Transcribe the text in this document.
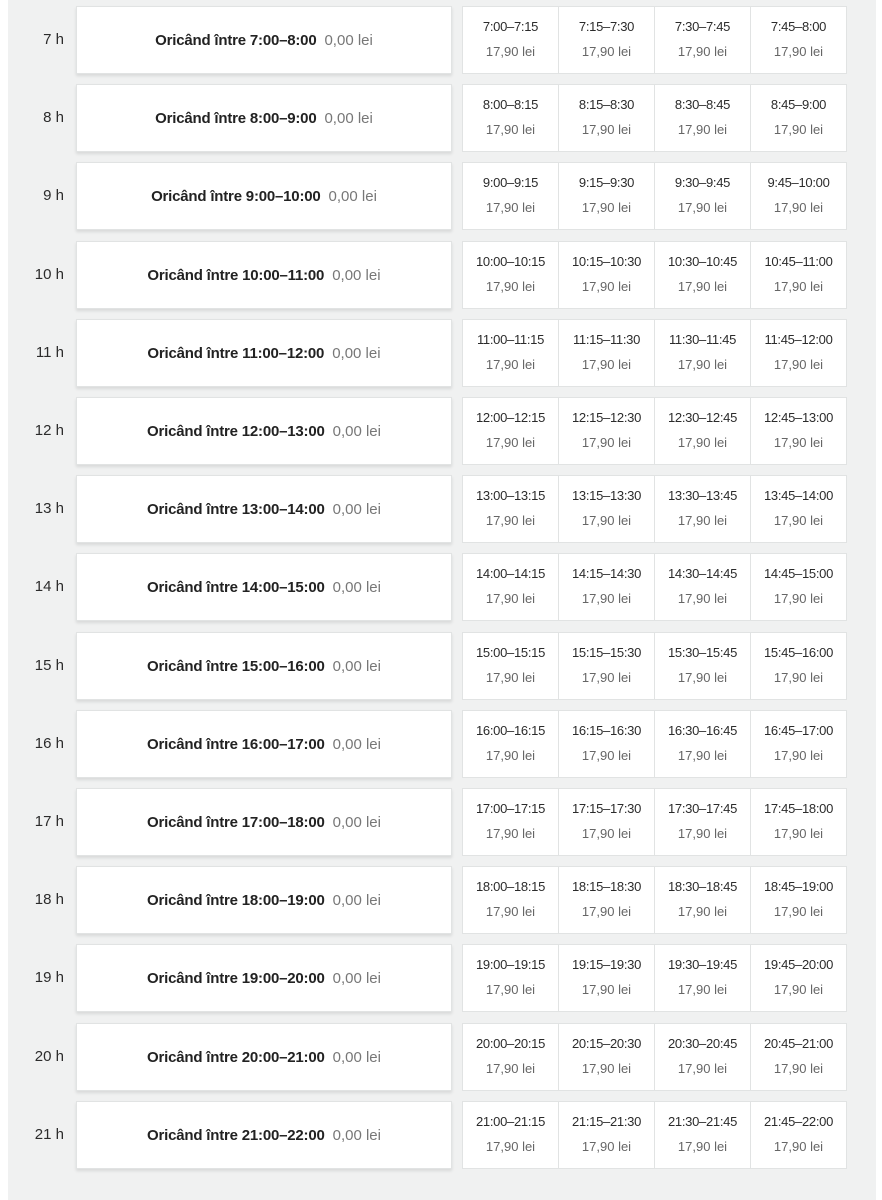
7 h	Oricând între 7:00–8:00 0,00 lei
7:00–7:15
17,90 lei
7:15–7:30
17,90 lei
7:30–7:45
17,90 lei
7:45–8:00
17,90 lei
8 h	Oricând între 8:00–9:00 0,00 lei
8:00–8:15
17,90 lei
8:15–8:30
17,90 lei
8:30–8:45
17,90 lei
8:45–9:00
17,90 lei
9 h	Oricând între 9:00–10:00 0,00 lei
9:00–9:15
17,90 lei
9:15–9:30
17,90 lei
9:30–9:45
17,90 lei
9:45–10:00
17,90 lei
10 h	Oricând între 10:00–11:00 0,00 lei
10:00–10:15
17,90 lei
10:15–10:30
17,90 lei
10:30–10:45
17,90 lei
10:45–11:00
17,90 lei
11 h	Oricând între 11:00–12:00 0,00 lei
11:00–11:15
17,90 lei
11:15–11:30
17,90 lei
11:30–11:45
17,90 lei
11:45–12:00
17,90 lei
12 h	Oricând între 12:00–13:00 0,00 lei
12:00–12:15
17,90 lei
12:15–12:30
17,90 lei
12:30–12:45
17,90 lei
12:45–13:00
17,90 lei
13 h	Oricând între 13:00–14:00 0,00 lei
13:00–13:15
17,90 lei
13:15–13:30
17,90 lei
13:30–13:45
17,90 lei
13:45–14:00
17,90 lei
14 h	Oricând între 14:00–15:00 0,00 lei
14:00–14:15
17,90 lei
14:15–14:30
17,90 lei
14:30–14:45
17,90 lei
14:45–15:00
17,90 lei
15 h	Oricând între 15:00–16:00 0,00 lei
15:00–15:15
17,90 lei
15:15–15:30
17,90 lei
15:30–15:45
17,90 lei
15:45–16:00
17,90 lei
16 h	Oricând între 16:00–17:00 0,00 lei
16:00–16:15
17,90 lei
16:15–16:30
17,90 lei
16:30–16:45
17,90 lei
16:45–17:00
17,90 lei
17 h	Oricând între 17:00–18:00 0,00 lei
17:00–17:15
17,90 lei
17:15–17:30
17,90 lei
17:30–17:45
17,90 lei
17:45–18:00
17,90 lei
18 h	Oricând între 18:00–19:00 0,00 lei
18:00–18:15
17,90 lei
18:15–18:30
17,90 lei
18:30–18:45
17,90 lei
18:45–19:00
17,90 lei
19 h	Oricând între 19:00–20:00 0,00 lei
19:00–19:15
17,90 lei
19:15–19:30
17,90 lei
19:30–19:45
17,90 lei
19:45–20:00
17,90 lei
20 h	Oricând între 20:00–21:00 0,00 lei
20:00–20:15
17,90 lei
20:15–20:30
17,90 lei
20:30–20:45
17,90 lei
20:45–21:00
17,90 lei
21 h	Oricând între 21:00–22:00 0,00 lei
21:00–21:15
17,90 lei
21:15–21:30
17,90 lei
21:30–21:45
17,90 lei
21:45–22:00
17,90 lei
